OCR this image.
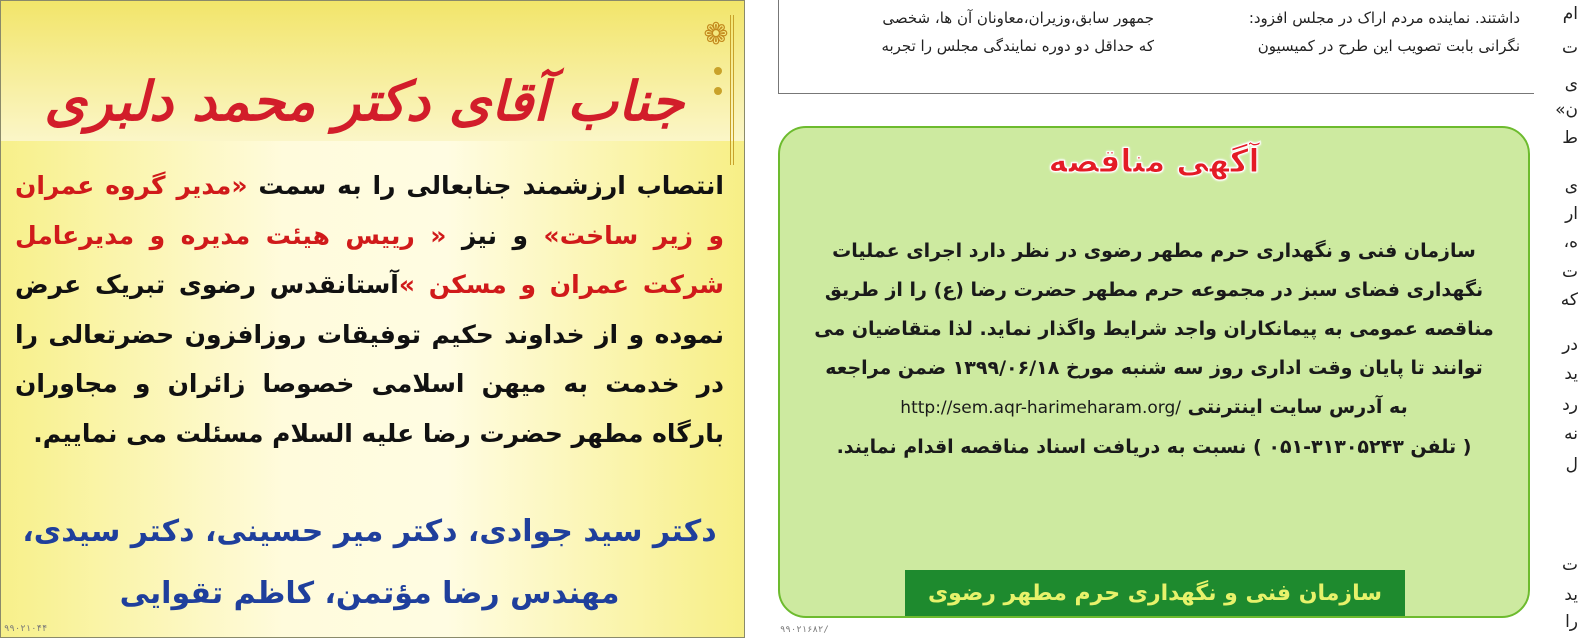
❁
جناب آقای دکتر محمد دلبری
انتصاب ارزشمند جنابعالی را به سمت «مدیر گروه عمران و زیر ساخت» و نیز « رییس هیئت مدیره و مدیرعامل شرکت عمران و مسکن »آستانقدس رضوی تبریک عرض نموده و از خداوند حکیم توفیقات روزافزون حضرتعالی را در خدمت به میهن اسلامی خصوصا زائران و مجاوران بارگاه مطهر حضرت رضا علیه السلام مسئلت می نماییم.
دکتر سید جوادی، دکتر میر حسینی، دکتر سیدی،
مهندس رضا مؤتمن، کاظم تقوایی
۹۹۰۲۱۰۴۴
داشتند. نماینده مردم اراک در مجلس افزود:
نگرانی بابت تصویب این طرح در کمیسیون
جمهور سابق،وزیران،معاونان آن ها، شخصی
که حداقل دو دوره نمایندگی مجلس را تجربه
ام
ت
ی
ن»
ط
ی
ار
ه،
ت
که
در
ید
رد
نه
ل
ت
ید
را
آگهی مناقصه
سازمان فنی و نگهداری حرم مطهر رضوی در نظر دارد اجرای عملیات
نگهداری فضای سبز در مجموعه حرم مطهر حضرت رضا (ع) را از طریق
مناقصه عمومی به پیمانکاران واجد شرایط واگذار نماید. لذا متقاضیان می
توانند تا پایان وقت اداری روز سه شنبه مورخ ۱۳۹۹/۰۶/۱۸ ضمن مراجعه
به آدرس سایت اینترنتی http://sem.aqr-harimeharam.org/
( تلفن ۳۱۳۰۵۲۴۳-۰۵۱ ) نسبت به دریافت اسناد مناقصه اقدام نمایند.
سازمان فنی و نگهداری حرم مطهر رضوی
۹۹۰۲۱۶۸۲/
